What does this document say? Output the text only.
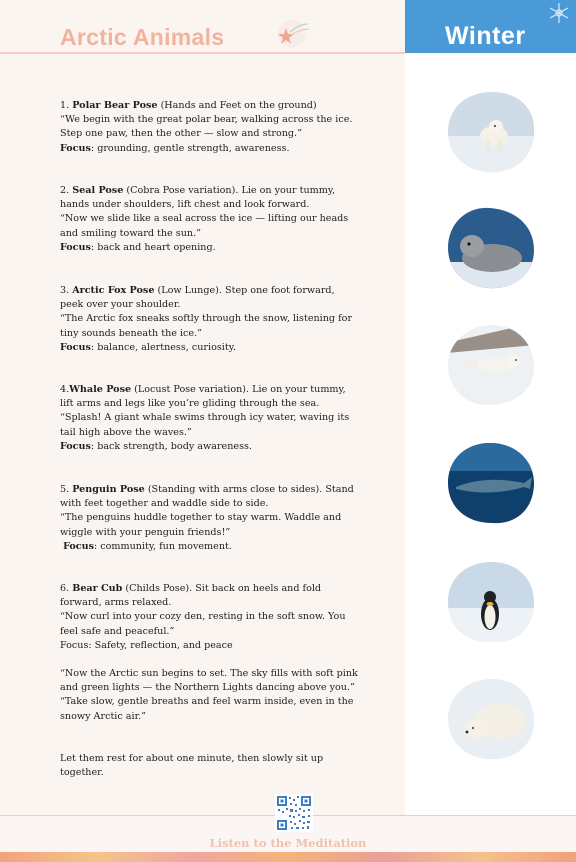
Winter
Arctic Animals

1. Polar Bear Pose (Hands and Feet on the ground)

“We begin with the great polar bear, walking across the ice. Step one paw, then the other — slow and strong.”

Focus: grounding, gentle strength, awareness.

2. Seal Pose (Cobra Pose variation). Lie on your tummy, hands under shoulders, lift chest and look forward.

“Now we slide like a seal across the ice — lifting our heads and smiling toward the sun.”

Focus: back and heart opening.

3. Arctic Fox Pose (Low Lunge). Step one foot forward, peek over your shoulder.

“The Arctic fox sneaks softly through the snow, listening for tiny sounds beneath the ice.”

Focus: balance, alertness, curiosity.

4.Whale Pose (Locust Pose variation). Lie on your tummy, lift arms and legs like you’re gliding through the sea.

“Splash! A giant whale swims through icy water, waving its tail high above the waves.”

Focus: back strength, body awareness.

5. Penguin Pose (Standing with arms close to sides). Stand with feet together and waddle side to side.

“The penguins huddle together to stay warm. Waddle and wiggle with your penguin friends!”

Focus: community, fun movement.

6. Bear Cub (Childs Pose). Sit back on heels and fold forward, arms relaxed.

“Now curl into your cozy den, resting in the soft snow. You feel safe and peaceful.”

Focus: Safety, reflection, and peace

“Now the Arctic sun begins to set. The sky fills with soft pink and green lights — the Northern Lights dancing above you.”

“Take slow, gentle breaths and feel warm inside, even in the snowy Arctic air.”

Let them rest for about one minute, then slowly sit up together.

Listen to the Meditation
